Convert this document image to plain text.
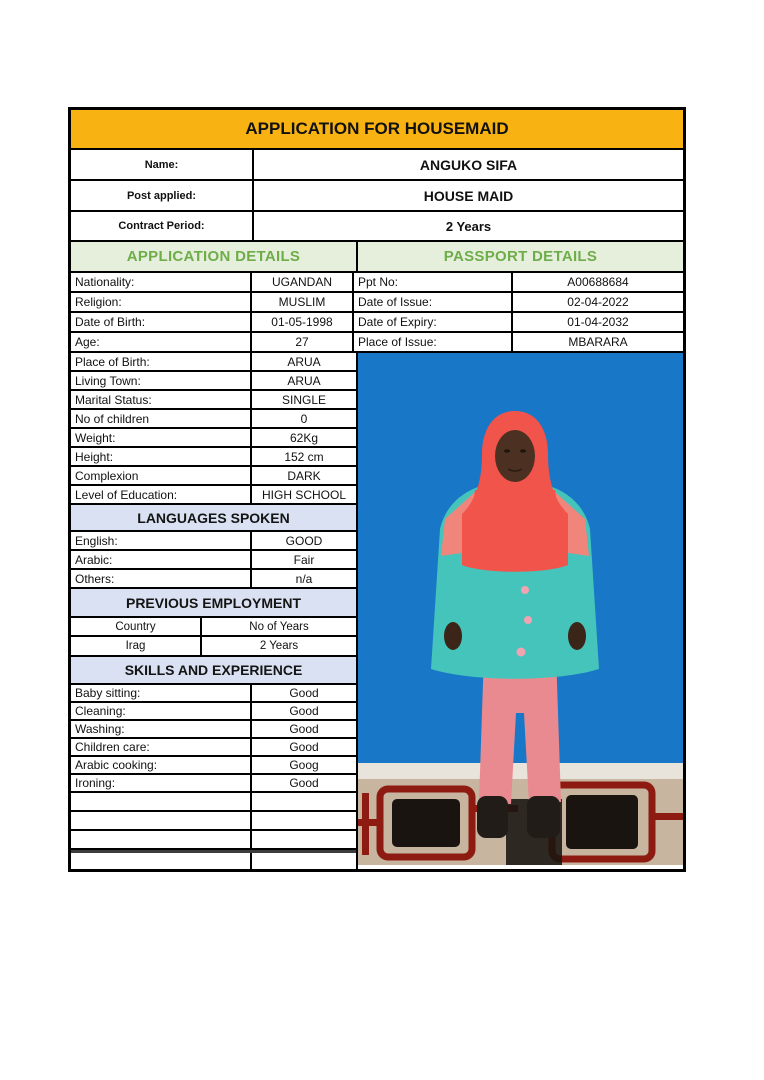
APPLICATION FOR HOUSEMAID
Name:	ANGUKO SIFA
Post applied:	HOUSE MAID
Contract Period:	2 Years
APPLICATION DETAILS	PASSPORT DETAILS
Nationality:	UGANDAN	Ppt No:	A00688684
Religion:	MUSLIM	Date of Issue:	02-04-2022
Date of Birth:	01-05-1998	Date of Expiry:	01-04-2032
Age:	27	Place of Issue:	MBARARA
Place of Birth:	ARUA
Living Town:	ARUA
Marital Status:	SINGLE
No of children	0
Weight:	62Kg
Height:	152 cm
Complexion	DARK
Level of Education:	HIGH SCHOOL
LANGUAGES SPOKEN
English:	GOOD
Arabic:	Fair
Others:	n/a
PREVIOUS EMPLOYMENT
Country	No of Years
Irag	2 Years
SKILLS AND EXPERIENCE
Baby sitting:	Good
Cleaning:	Good
Washing:	Good
Children care:	Good
Arabic cooking:	Goog
Ironing:	Good
